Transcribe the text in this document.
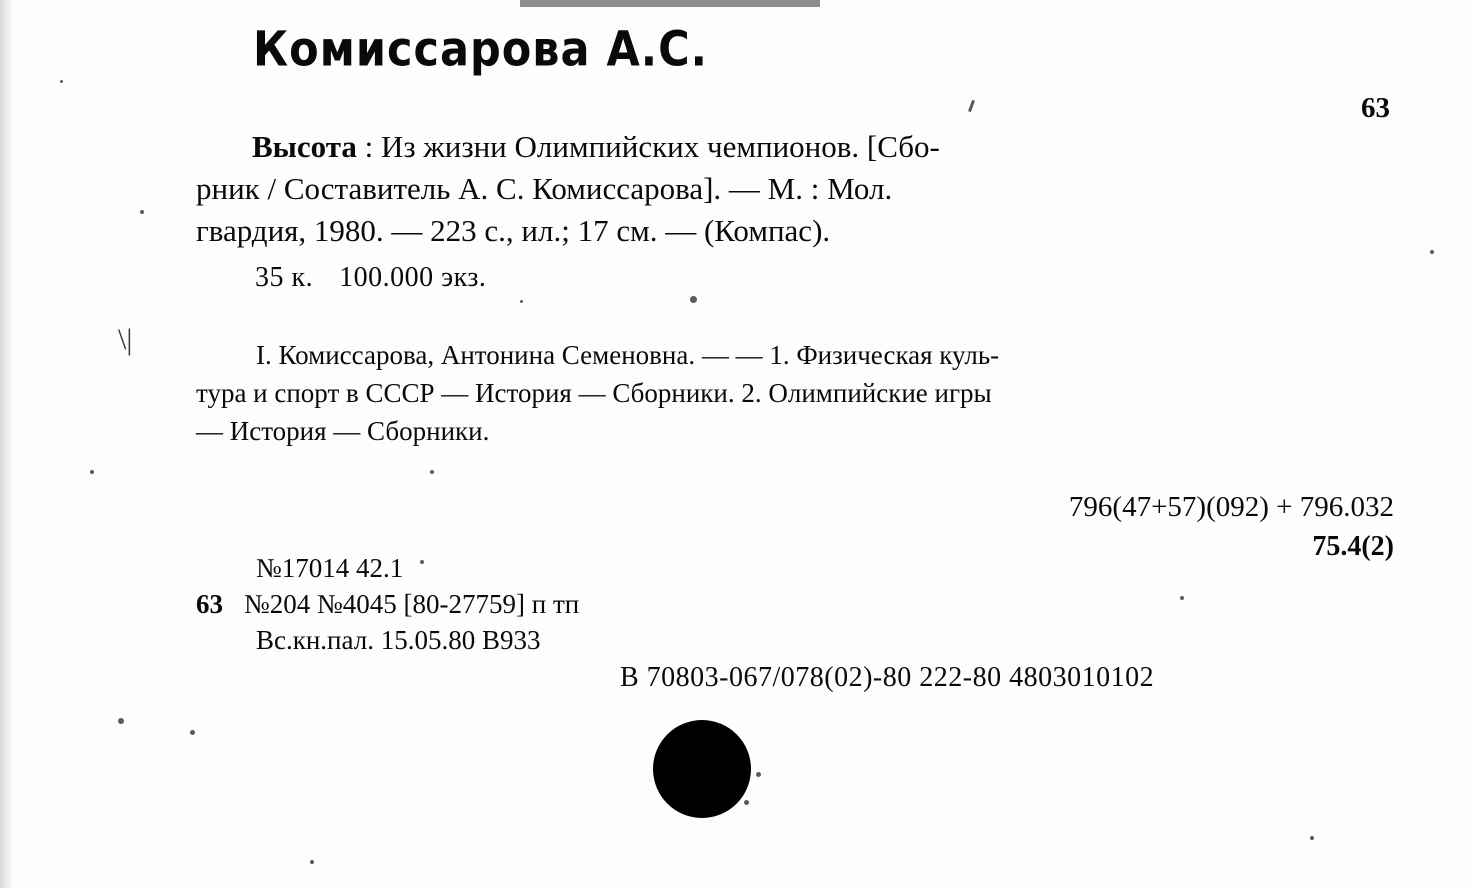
Комиссарова А.С.
63
Высота : Из жизни Олимпийских чемпионов. [Сбо-
рник / Составитель А. С. Комиссарова]. — М. : Мол.
гвардия, 1980. — 223 с., ил.; 17 см. — (Компас).
35 к. 100.000 экз.
I. Комиссарова, Антонина Семеновна. — — 1. Физическая куль-
тура и спорт в СССР — История — Сборники. 2. Олимпийские игры
— История — Сборники.
796(47+57)(092) + 796.032
75.4(2)
№17014 42.1
63 №204 №4045 [80-27759] п тп
Вс.кн.пал. 15.05.80 В933
В 70803-067/078(02)-80 222-80 4803010102
\|
